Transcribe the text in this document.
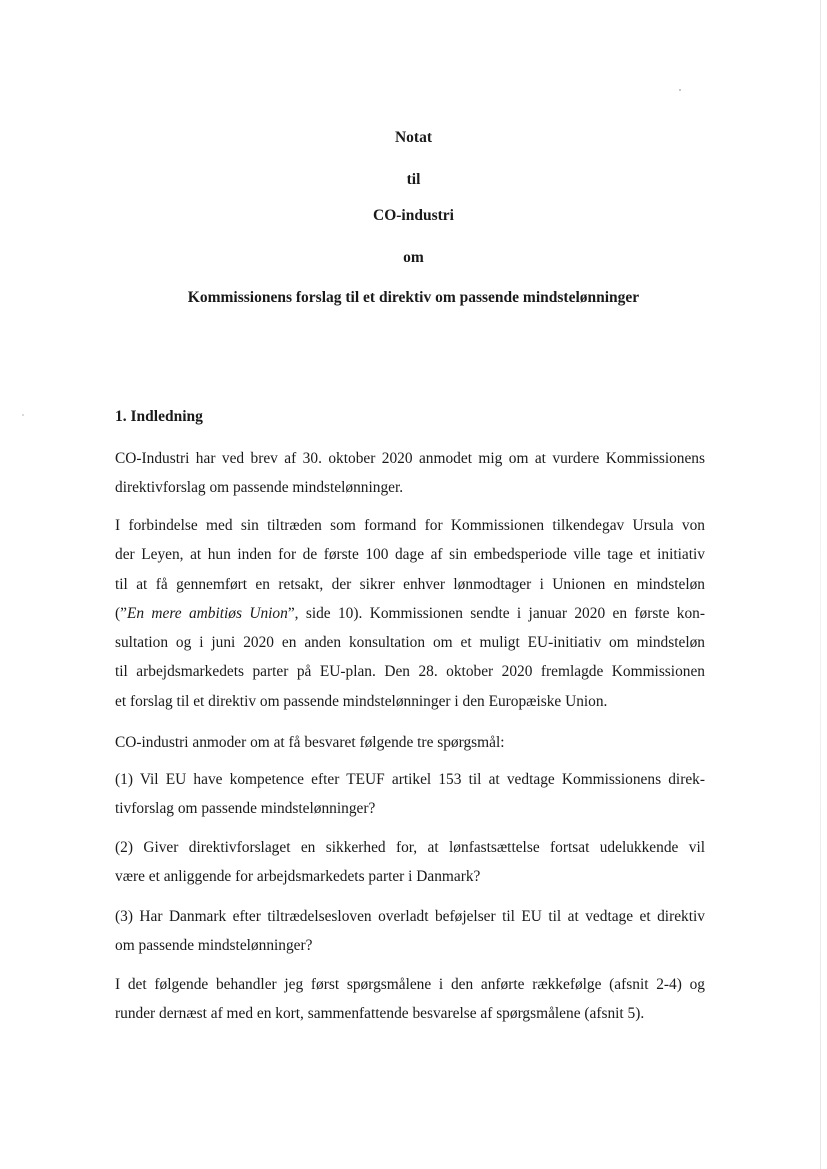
Notat
til
CO-industri
om
Kommissionens forslag til et direktiv om passende mindstelønninger
1. Indledning
CO-Industri har ved brev af 30. oktober 2020 anmodet mig om at vurdere Kommissionens
direktivforslag om passende mindstelønninger.
I forbindelse med sin tiltræden som formand for Kommissionen tilkendegav Ursula von
der Leyen, at hun inden for de første 100 dage af sin embedsperiode ville tage et initiativ
til at få gennemført en retsakt, der sikrer enhver lønmodtager i Unionen en mindsteløn
(”En mere ambitiøs Union”, side 10). Kommissionen sendte i januar 2020 en første kon-
sultation og i juni 2020 en anden konsultation om et muligt EU-initiativ om mindsteløn
til arbejdsmarkedets parter på EU-plan. Den 28. oktober 2020 fremlagde Kommissionen
et forslag til et direktiv om passende mindstelønninger i den Europæiske Union.
CO-industri anmoder om at få besvaret følgende tre spørgsmål:
(1) Vil EU have kompetence efter TEUF artikel 153 til at vedtage Kommissionens direk-
tivforslag om passende mindstelønninger?
(2) Giver direktivforslaget en sikkerhed for, at lønfastsættelse fortsat udelukkende vil
være et anliggende for arbejdsmarkedets parter i Danmark?
(3) Har Danmark efter tiltrædelsesloven overladt beføjelser til EU til at vedtage et direktiv
om passende mindstelønninger?
I det følgende behandler jeg først spørgsmålene i den anførte rækkefølge (afsnit 2-4) og
runder dernæst af med en kort, sammenfattende besvarelse af spørgsmålene (afsnit 5).
